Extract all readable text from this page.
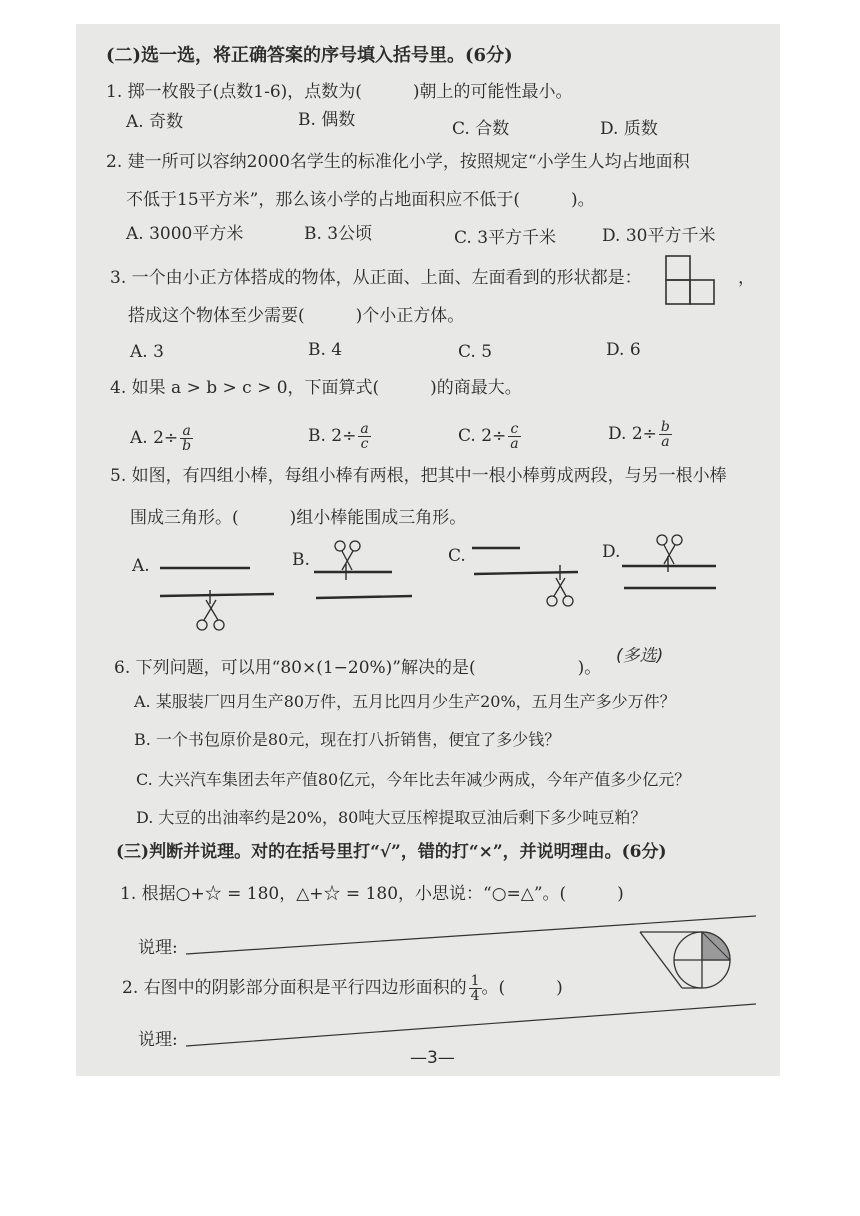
(二)选一选，将正确答案的序号填入括号里。(6分)
1. 掷一枚骰子(点数1-6)，点数为(　　　)朝上的可能性最小。
A. 奇数	B. 偶数	C. 合数	D. 质数
2. 建一所可以容纳2000名学生的标准化小学，按照规定“小学生人均占地面积
不低于15平方米”，那么该小学的占地面积应不低于(　　　)。
A. 3000平方米	B. 3公顷	C. 3平方千米	D. 30平方千米
3. 一个由小正方体搭成的物体，从正面、上面、左面看到的形状都是：	，
搭成这个物体至少需要(　　　)个小正方体。
A. 3	B. 4	C. 5	D. 6
4. 如果 a > b > c > 0，下面算式(　　　)的商最大。
A. $2\div \frac{a}{b}$	B. $2\div \frac{a}{c}$	C. $2\div \frac{c}{a}$	D. $2\div \frac{b}{a}$
5. 如图，有四组小棒，每组小棒有两根，把其中一根小棒剪成两段，与另一根小棒
围成三角形。(　　　)组小棒能围成三角形。
A.	B.	C.	D.
6. 下列问题，可以用“80×(1−20%)”解决的是(　　　　　　)。
(多选)
A. 某服装厂四月生产80万件，五月比四月少生产20%，五月生产多少万件？
B. 一个书包原价是80元，现在打八折销售，便宜了多少钱？
C. 大兴汽车集团去年产值80亿元，今年比去年减少两成，今年产值多少亿元？
D. 大豆的出油率约是20%，80吨大豆压榨提取豆油后剩下多少吨豆粕？
(三)判断并说理。对的在括号里打“√”，错的打“×”，并说明理由。(6分)
1. 根据○+☆ = 180，△+☆ = 180，小思说：“○=△”。(　　　)
说理:
2. 右图中的阴影部分面积是平行四边形面积的 $\frac{1}{4}$ 。(　　　)
说理:
—3—
